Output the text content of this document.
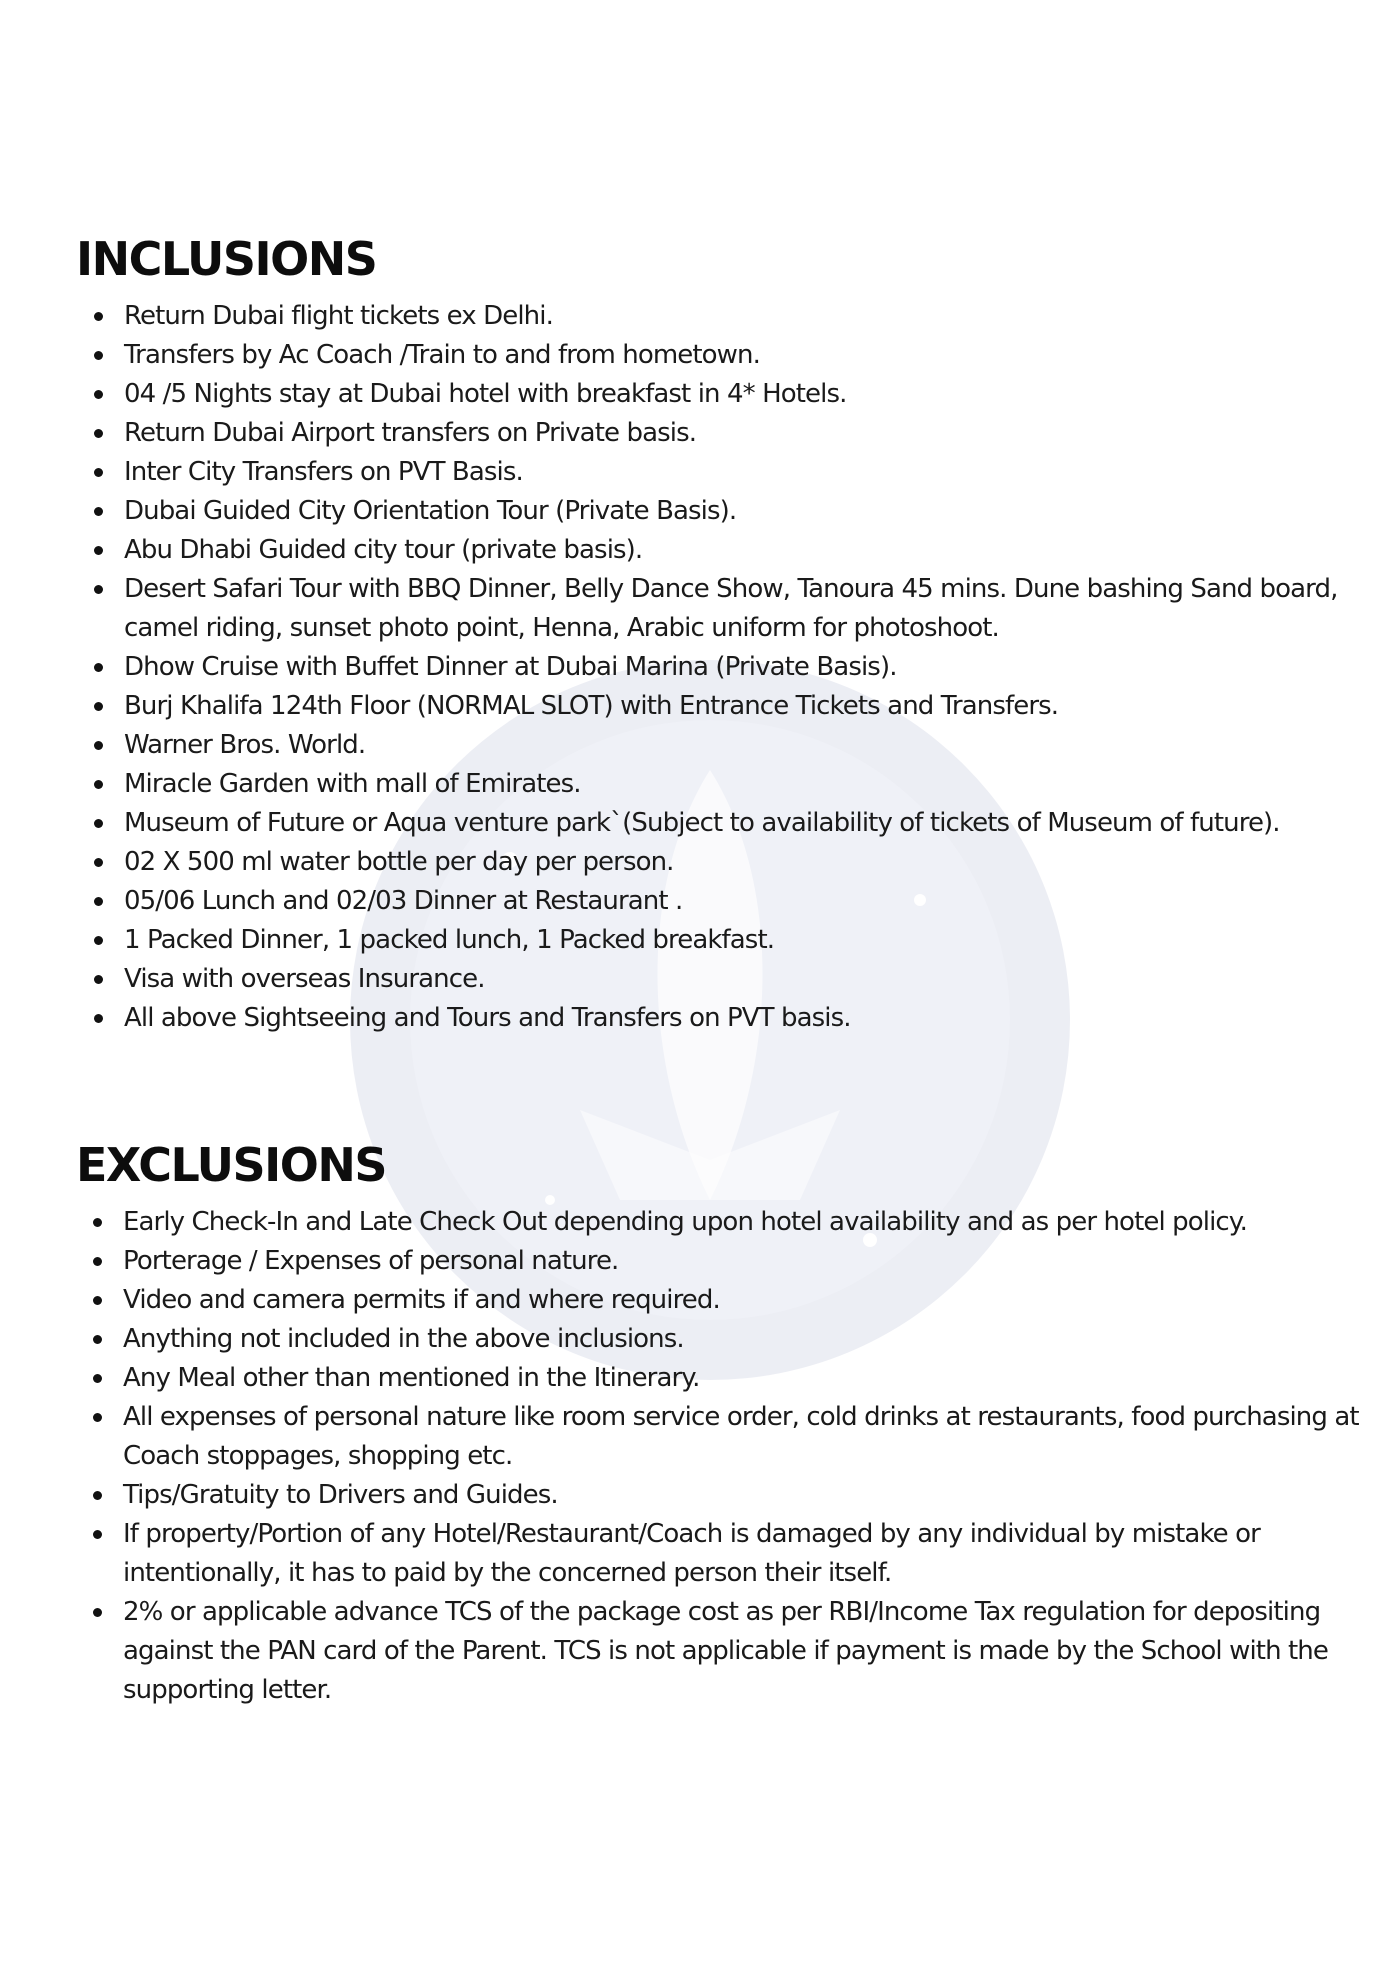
INCLUSIONS
Return Dubai flight tickets ex Delhi.
Transfers by Ac Coach /Train to and from hometown.
04 /5 Nights stay at Dubai hotel with breakfast in 4* Hotels.
Return Dubai Airport transfers on Private basis.
Inter City Transfers on PVT Basis.
Dubai Guided City Orientation Tour (Private Basis).
Abu Dhabi Guided city tour (private basis).
Desert Safari Tour with BBQ Dinner, Belly Dance Show, Tanoura 45 mins. Dune bashing Sand board, camel riding, sunset photo point, Henna, Arabic uniform for photoshoot.
Dhow Cruise with Buffet Dinner at Dubai Marina (Private Basis).
Burj Khalifa 124th Floor (NORMAL SLOT) with Entrance Tickets and Transfers.
Warner Bros. World.
Miracle Garden with mall of Emirates.
Museum of Future or Aqua venture park`(Subject to availability of tickets of Museum of future).
02 X 500 ml water bottle per day per person.
05/06 Lunch and 02/03 Dinner at Restaurant .
1 Packed Dinner, 1 packed lunch, 1 Packed breakfast.
Visa with overseas Insurance.
All above Sightseeing and Tours and Transfers on PVT basis.
EXCLUSIONS
Early Check-In and Late Check Out depending upon hotel availability and as per hotel policy.
Porterage / Expenses of personal nature.
Video and camera permits if and where required.
Anything not included in the above inclusions.
Any Meal other than mentioned in the Itinerary.
All expenses of personal nature like room service order, cold drinks at restaurants, food purchasing at Coach stoppages, shopping etc.
Tips/Gratuity to Drivers and Guides.
If property/Portion of any Hotel/Restaurant/Coach is damaged by any individual by mistake or intentionally, it has to paid by the concerned person their itself.
2% or applicable advance TCS of the package cost as per RBI/Income Tax regulation for depositing against the PAN card of the Parent. TCS is not applicable if payment is made by the School with the supporting letter.
